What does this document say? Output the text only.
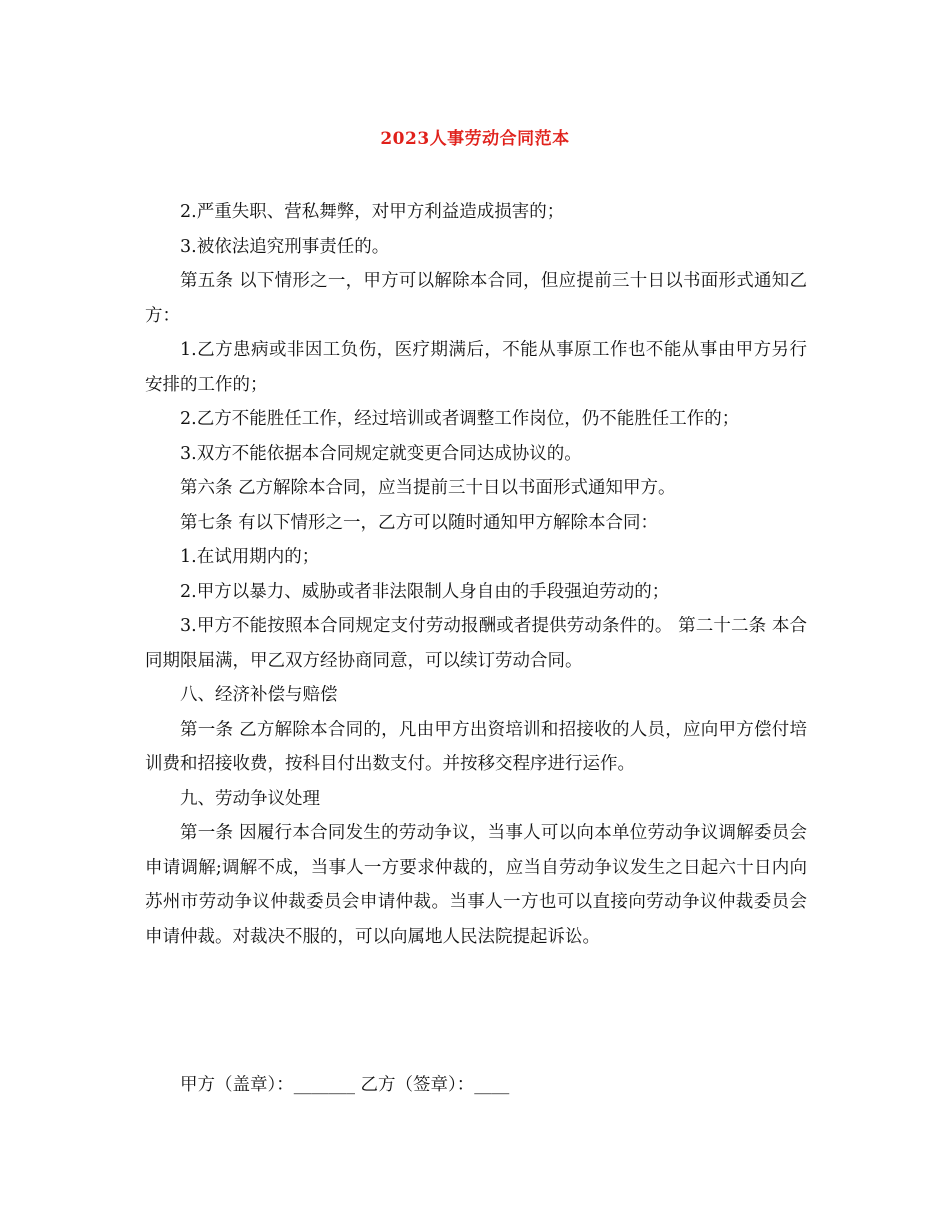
2023人事劳动合同范本

2.严重失职、营私舞弊，对甲方利益造成损害的；

3.被依法追究刑事责任的。

第五条 以下情形之一，甲方可以解除本合同，但应提前三十日以书面形式通知乙方：

1.乙方患病或非因工负伤，医疗期满后，不能从事原工作也不能从事由甲方另行安排的工作的；

2.乙方不能胜任工作，经过培训或者调整工作岗位，仍不能胜任工作的；

3.双方不能依据本合同规定就变更合同达成协议的。

第六条 乙方解除本合同，应当提前三十日以书面形式通知甲方。

第七条 有以下情形之一，乙方可以随时通知甲方解除本合同：

1.在试用期内的；

2.甲方以暴力、威胁或者非法限制人身自由的手段强迫劳动的；

3.甲方不能按照本合同规定支付劳动报酬或者提供劳动条件的。 第二十二条 本合同期限届满，甲乙双方经协商同意，可以续订劳动合同。

八、经济补偿与赔偿

第一条 乙方解除本合同的，凡由甲方出资培训和招接收的人员，应向甲方偿付培训费和招接收费，按科目付出数支付。并按移交程序进行运作。

九、劳动争议处理

第一条 因履行本合同发生的劳动争议，当事人可以向本单位劳动争议调解委员会申请调解;调解不成，当事人一方要求仲裁的，应当自劳动争议发生之日起六十日内向苏州市劳动争议仲裁委员会申请仲裁。当事人一方也可以直接向劳动争议仲裁委员会申请仲裁。对裁决不服的，可以向属地人民法院提起诉讼。

甲方（盖章）：_______ 乙方（签章）：____
